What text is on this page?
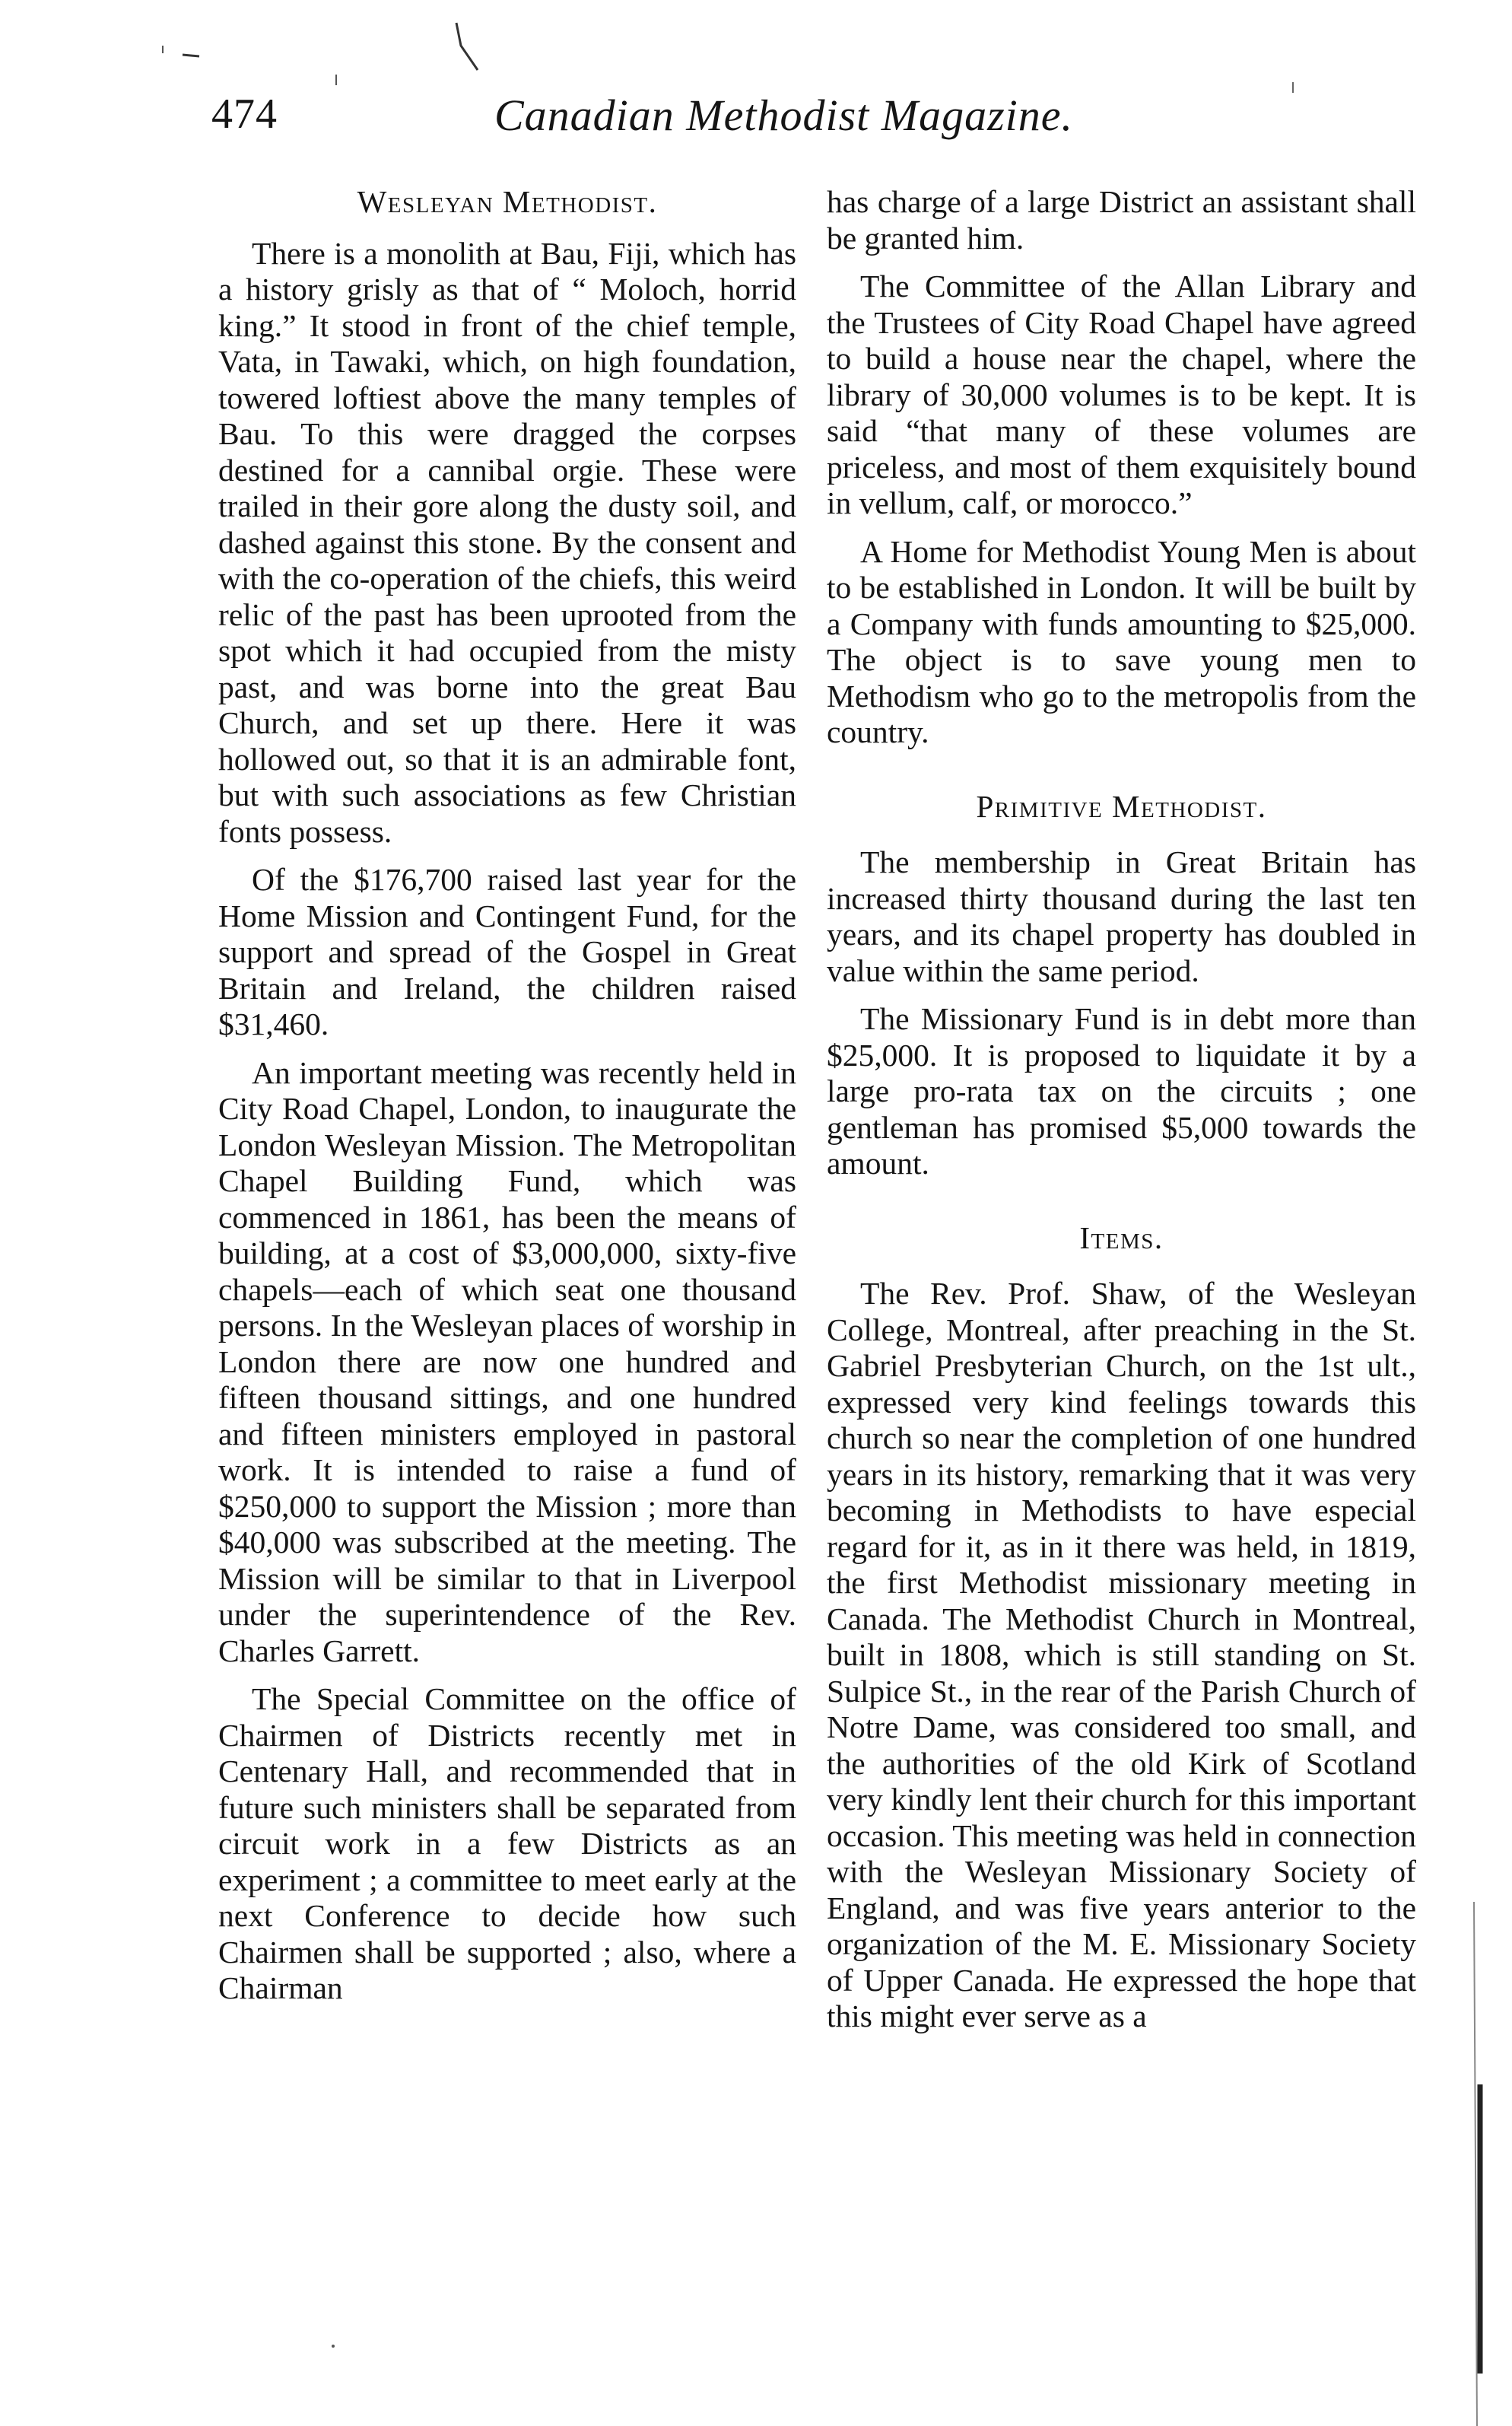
474	Canadian Methodist Magazine.
Wesleyan Methodist.

There is a monolith at Bau, Fiji, which has a history grisly as that of “ Moloch, horrid king.” It stood in front of the chief temple, Vata, in Tawaki, which, on high foundation, towered loftiest above the many temples of Bau. To this were dragged the corpses destined for a cannibal orgie. These were trailed in their gore along the dusty soil, and dashed against this stone. By the consent and with the co-operation of the chiefs, this weird relic of the past has been uprooted from the spot which it had occupied from the misty past, and was borne into the great Bau Church, and set up there. Here it was hollowed out, so that it is an admirable font, but with such associations as few Christian fonts possess.

Of the $176,700 raised last year for the Home Mission and Contingent Fund, for the support and spread of the Gospel in Great Britain and Ireland, the children raised $31,460.

An important meeting was recently held in City Road Chapel, London, to inaugurate the London Wesleyan Mission. The Metropolitan Chapel Building Fund, which was commenced in 1861, has been the means of building, at a cost of $3,000,000, sixty-five chapels—each of which seat one thousand persons. In the Wesleyan places of worship in London there are now one hundred and fifteen thousand sittings, and one hundred and fifteen ministers employed in pastoral work. It is intended to raise a fund of $250,000 to support the Mission ; more than $40,000 was subscribed at the meeting. The Mission will be similar to that in Liverpool under the superintendence of the Rev. Charles Garrett.

The Special Committee on the office of Chairmen of Districts recently met in Centenary Hall, and recommended that in future such ministers shall be separated from circuit work in a few Districts as an experiment ; a committee to meet early at the next Conference to decide how such Chairmen shall be supported ; also, where a Chairman

has charge of a large District an assistant shall be granted him.

The Committee of the Allan Library and the Trustees of City Road Chapel have agreed to build a house near the chapel, where the library of 30,000 volumes is to be kept. It is said “that many of these volumes are priceless, and most of them exquisitely bound in vellum, calf, or morocco.”

A Home for Methodist Young Men is about to be established in London. It will be built by a Company with funds amounting to $25,000. The object is to save young men to Methodism who go to the metropolis from the country.

Primitive Methodist.

The membership in Great Britain has increased thirty thousand during the last ten years, and its chapel property has doubled in value within the same period.

The Missionary Fund is in debt more than $25,000. It is proposed to liquidate it by a large pro-rata tax on the circuits ; one gentleman has promised $5,000 towards the amount.

Items.

The Rev. Prof. Shaw, of the Wesleyan College, Montreal, after preaching in the St. Gabriel Presbyterian Church, on the 1st ult., expressed very kind feelings towards this church so near the completion of one hundred years in its history, remarking that it was very becoming in Methodists to have especial regard for it, as in it there was held, in 1819, the first Methodist missionary meeting in Canada. The Methodist Church in Montreal, built in 1808, which is still standing on St. Sulpice St., in the rear of the Parish Church of Notre Dame, was considered too small, and the authorities of the old Kirk of Scotland very kindly lent their church for this important occasion. This meeting was held in connection with the Wesleyan Missionary Society of England, and was five years anterior to the organization of the M. E. Missionary Society of Upper Canada. He expressed the hope that this might ever serve as a
